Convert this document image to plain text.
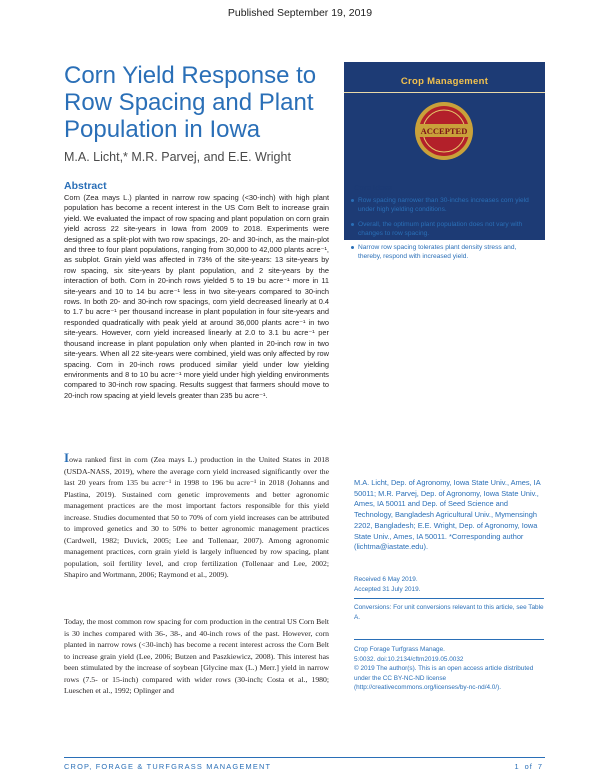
Published September 19, 2019
Corn Yield Response to Row Spacing and Plant Population in Iowa
M.A. Licht,* M.R. Parvej, and E.E. Wright
Abstract
Corn (Zea mays L.) planted in narrow row spacing (<30-inch) with high plant population has become a recent interest in the US Corn Belt to increase grain yield. We evaluated the impact of row spacing and plant population on corn grain yield across 22 site-years in Iowa from 2009 to 2018. Experiments were designed as a split-plot with two row spacings, 20- and 30-inch, as the main-plot and three to four plant populations, ranging from 30,000 to 42,000 plants acre⁻¹, as subplot. Grain yield was affected in 73% of the site-years: 13 site-years by row spacing, six site-years by plant population, and 2 site-years by the interaction of both. Corn in 20-inch rows yielded 5 to 19 bu acre⁻¹ more in 11 site-years and 10 to 14 bu acre⁻¹ less in two site-years compared to 30-inch rows. In both 20- and 30-inch row spacings, corn yield decreased linearly at 0.4 to 1.7 bu acre⁻¹ per thousand increase in plant population in four site-years and responded quadratically with peak yield at around 36,000 plants acre⁻¹ in two site-years. However, corn yield increased linearly at 2.0 to 3.1 bu acre⁻¹ per thousand increase in plant population only when planted in 20-inch row in two site-years. When all 22 site-years were combined, yield was only affected by row spacing. Corn in 20-inch rows produced similar yield under low yielding environments and 8 to 10 bu acre⁻¹ more yield under high yielding environments compared to 30-inch row spacing. Results suggest that farmers should move to 20-inch row spacing at yield levels greater than 235 bu acre⁻¹.
Iowa ranked first in corn (Zea mays L.) production in the United States in 2018 (USDA-NASS, 2019), where the average corn yield increased significantly over the last 20 years from 135 bu acre⁻¹ in 1998 to 196 bu acre⁻¹ in 2018 (Johanns and Plastina, 2019). Sustained corn genetic improvements and better agronomic management practices are the most important factors responsible for this yield increase. Studies documented that 50 to 70% of corn yield increases can be attributed to improved genetics and 30 to 50% to better agronomic management practices (Cardwell, 1982; Duvick, 2005; Lee and Tollenaar, 2007). Among agronomic management practices, corn grain yield is largely influenced by row spacing, plant population, soil fertility level, and crop fertilization (Tollenaar and Lee, 2002; Shapiro and Wortmann, 2006; Raymond et al., 2009).
Today, the most common row spacing for corn production in the central US Corn Belt is 30 inches compared with 36-, 38-, and 40-inch rows of the past. However, corn planted in narrow rows (<30-inch) has become a recent interest across the Corn Belt to increase grain yield (Lee, 2006; Butzen and Paszkiewicz, 2008). This interest has been stimulated by the increase of soybean [Glycine max (L.) Merr.] yield in narrow rows (7.5- or 15-inch) compared with wider rows (30-inch; Costa et al., 1980; Lueschen et al., 1992; Oplinger and
Crop Management
ACCEPTED
Core Ideas
Row spacing narrower than 30-inches increases corn yield under high yielding conditions.
Overall, the optimum plant population does not vary with changes to row spacing.
Narrow row spacing tolerates plant density stress and, thereby, respond with increased yield.
M.A. Licht, Dep. of Agronomy, Iowa State Univ., Ames, IA 50011; M.R. Parvej, Dep. of Agronomy, Iowa State Univ., Ames, IA 50011 and Dep. of Seed Science and Technology, Bangladesh Agricultural Univ., Mymensingh 2202, Bangladesh; E.E. Wright, Dep. of Agronomy, Iowa State Univ., Ames, IA 50011. *Corresponding author (lichtma@iastate.edu).
Received 6 May 2019.
Accepted 31 July 2019.
Conversions: For unit conversions relevant to this article, see Table A.
Crop Forage Turfgrass Manage.
5:0032. doi:10.2134/cftm2019.05.0032
© 2019 The author(s). This is an open access article distributed under the CC BY-NC-ND license (http://creativecommons.org/licenses/by-nc-nd/4.0/).
CROP, FORAGE & TURFGRASS MANAGEMENT	1 of 7
